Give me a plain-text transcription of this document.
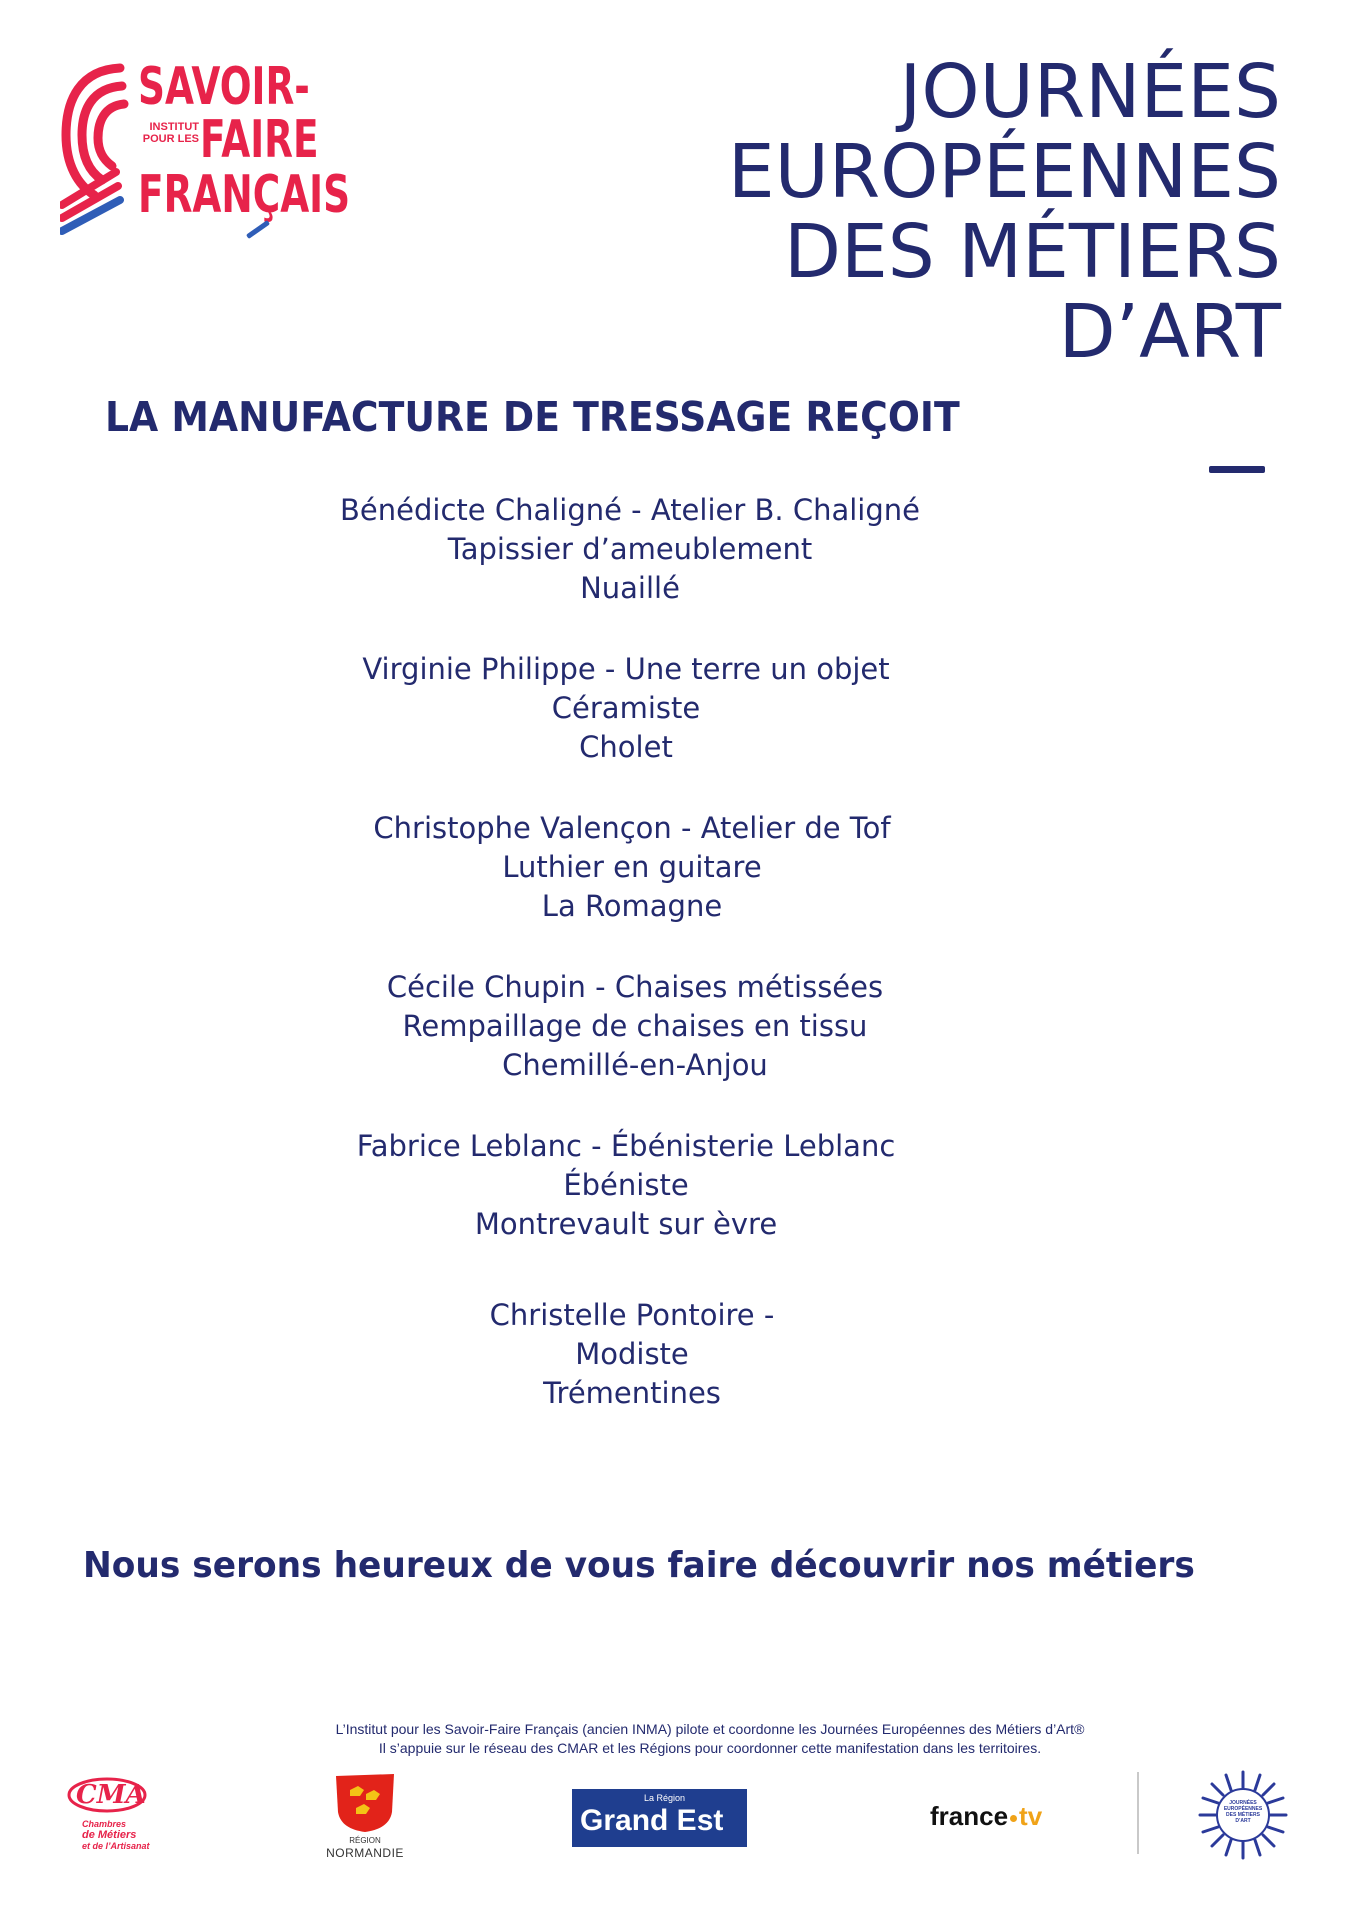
SAVOIR-
INSTITUT
POUR LES FAIRE
FRANÇAIS
JOURNÉES
EUROPÉENNES
DES MÉTIERS
D’ART
LA MANUFACTURE DE TRESSAGE REÇOIT
Bénédicte Chaligné - Atelier B. Chaligné
Tapissier d’ameublement
Nuaillé
Virginie Philippe - Une terre un objet
Céramiste
Cholet
Christophe Valençon - Atelier de Tof
Luthier en guitare
La Romagne
Cécile Chupin - Chaises métissées
Rempaillage de chaises en tissu
Chemillé-en-Anjou
Fabrice Leblanc - Ébénisterie Leblanc
Ébéniste
Montrevault sur èvre
Christelle Pontoire -
Modiste
Trémentines
Nous serons heureux de vous faire découvrir nos métiers
L’Institut pour les Savoir-Faire Français (ancien INMA) pilote et coordonne les Journées Européennes des Métiers d’Art®
Il s’appuie sur le réseau des CMAR et les Régions pour coordonner cette manifestation dans les territoires.
CMA
Chambres
de Métiers
et de l’Artisanat
RÉGION
NORMANDIE
La Région
Grand Est	france tv	JOURNÉES EUROPÉENNES DES MÉTIERS D’ART
